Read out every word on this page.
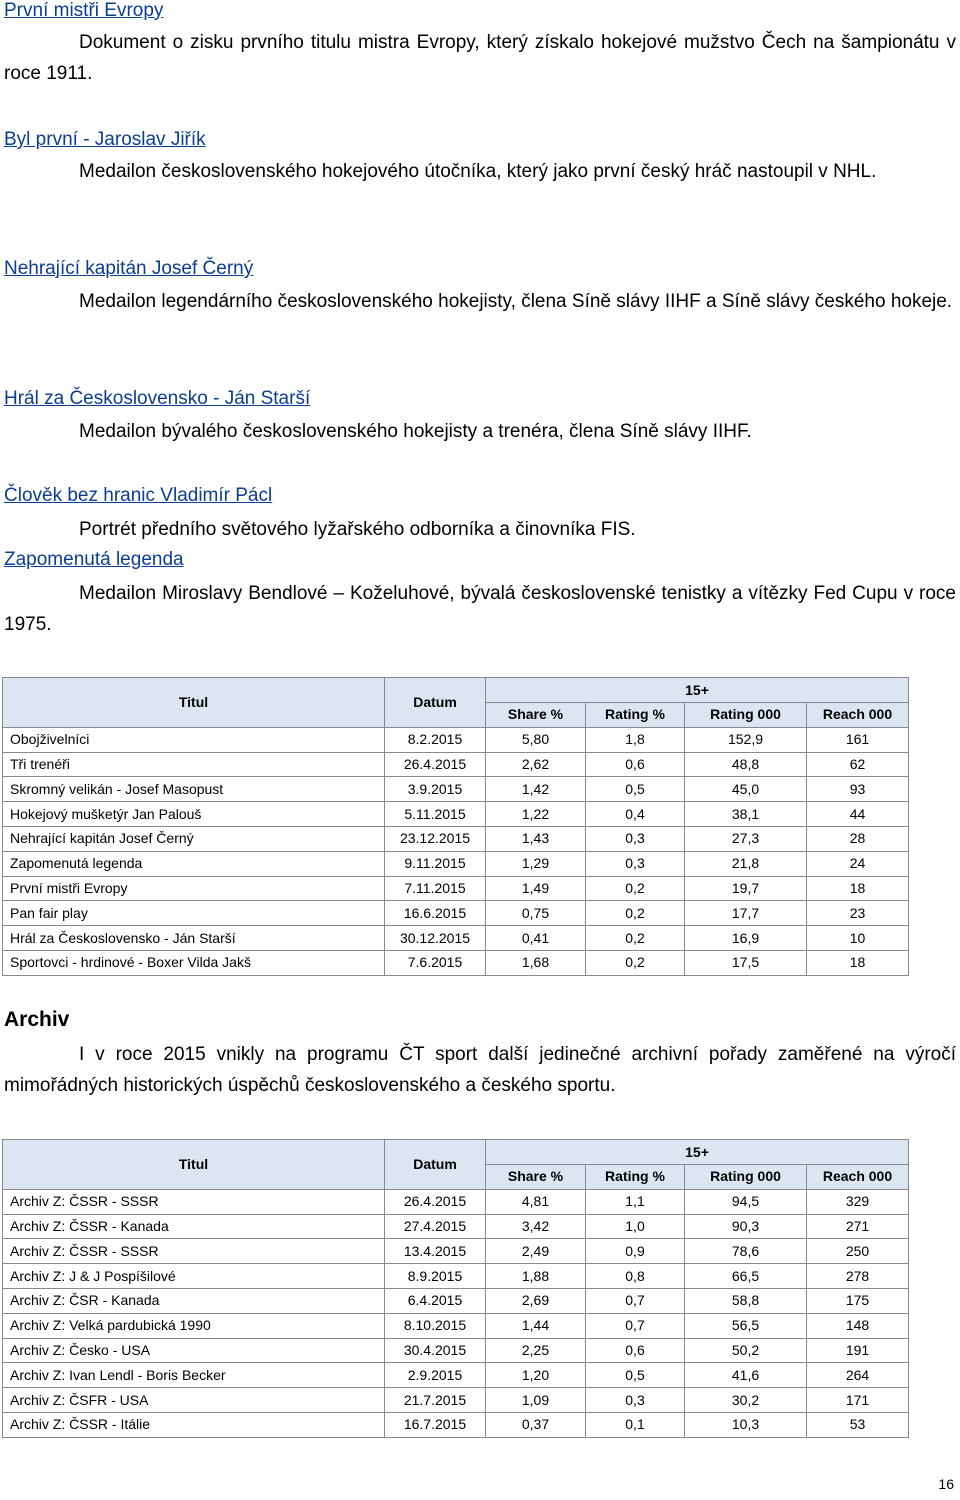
První mistři Evropy
Dokument o zisku prvního titulu mistra Evropy, který získalo hokejové mužstvo Čech na šampionátu v roce 1911.
Byl první - Jaroslav Jiřík
Medailon československého hokejového útočníka, který jako první český hráč nastoupil v NHL.
Nehrající kapitán Josef Černý
Medailon legendárního československého hokejisty, člena Síně slávy IIHF a Síně slávy českého hokeje.
Hrál za Československo - Ján Starší
Medailon bývalého československého hokejisty a trenéra, člena Síně slávy IIHF.
Člověk bez hranic Vladimír Pácl
Portrét předního světového lyžařského odborníka a činovníka FIS.
Zapomenutá legenda
Medailon Miroslavy Bendlové – Koželuhové, bývalá československé tenistky a vítězky Fed Cupu v roce 1975.
Titul	Datum	15+			
		Share %	Rating %	Rating 000	Reach 000
Obojživelníci	8.2.2015	5,80	1,8	152,9	161
Tři trenéři	26.4.2015	2,62	0,6	48,8	62
Skromný velikán - Josef Masopust	3.9.2015	1,42	0,5	45,0	93
Hokejový mušketýr Jan Palouš	5.11.2015	1,22	0,4	38,1	44
Nehrající kapitán Josef Černý	23.12.2015	1,43	0,3	27,3	28
Zapomenutá legenda	9.11.2015	1,29	0,3	21,8	24
První mistři Evropy	7.11.2015	1,49	0,2	19,7	18
Pan fair play	16.6.2015	0,75	0,2	17,7	23
Hrál za Československo - Ján Starší	30.12.2015	0,41	0,2	16,9	10
Sportovci - hrdinové - Boxer Vilda Jakš	7.6.2015	1,68	0,2	17,5	18
Archiv
I v roce 2015 vnikly na programu ČT sport další jedinečné archivní pořady zaměřené na výročí mimořádných historických úspěchů československého a českého sportu.
Titul	Datum	15+			
		Share %	Rating %	Rating 000	Reach 000
Archiv Z: ČSSR - SSSR	26.4.2015	4,81	1,1	94,5	329
Archiv Z: ČSSR - Kanada	27.4.2015	3,42	1,0	90,3	271
Archiv Z: ČSSR - SSSR	13.4.2015	2,49	0,9	78,6	250
Archiv Z: J & J Pospíšilové	8.9.2015	1,88	0,8	66,5	278
Archiv Z: ČSR - Kanada	6.4.2015	2,69	0,7	58,8	175
Archiv Z: Velká pardubická 1990	8.10.2015	1,44	0,7	56,5	148
Archiv Z: Česko - USA	30.4.2015	2,25	0,6	50,2	191
Archiv Z: Ivan Lendl - Boris Becker	2.9.2015	1,20	0,5	41,6	264
Archiv Z: ČSFR - USA	21.7.2015	1,09	0,3	30,2	171
Archiv Z: ČSSR - Itálie	16.7.2015	0,37	0,1	10,3	53
16
